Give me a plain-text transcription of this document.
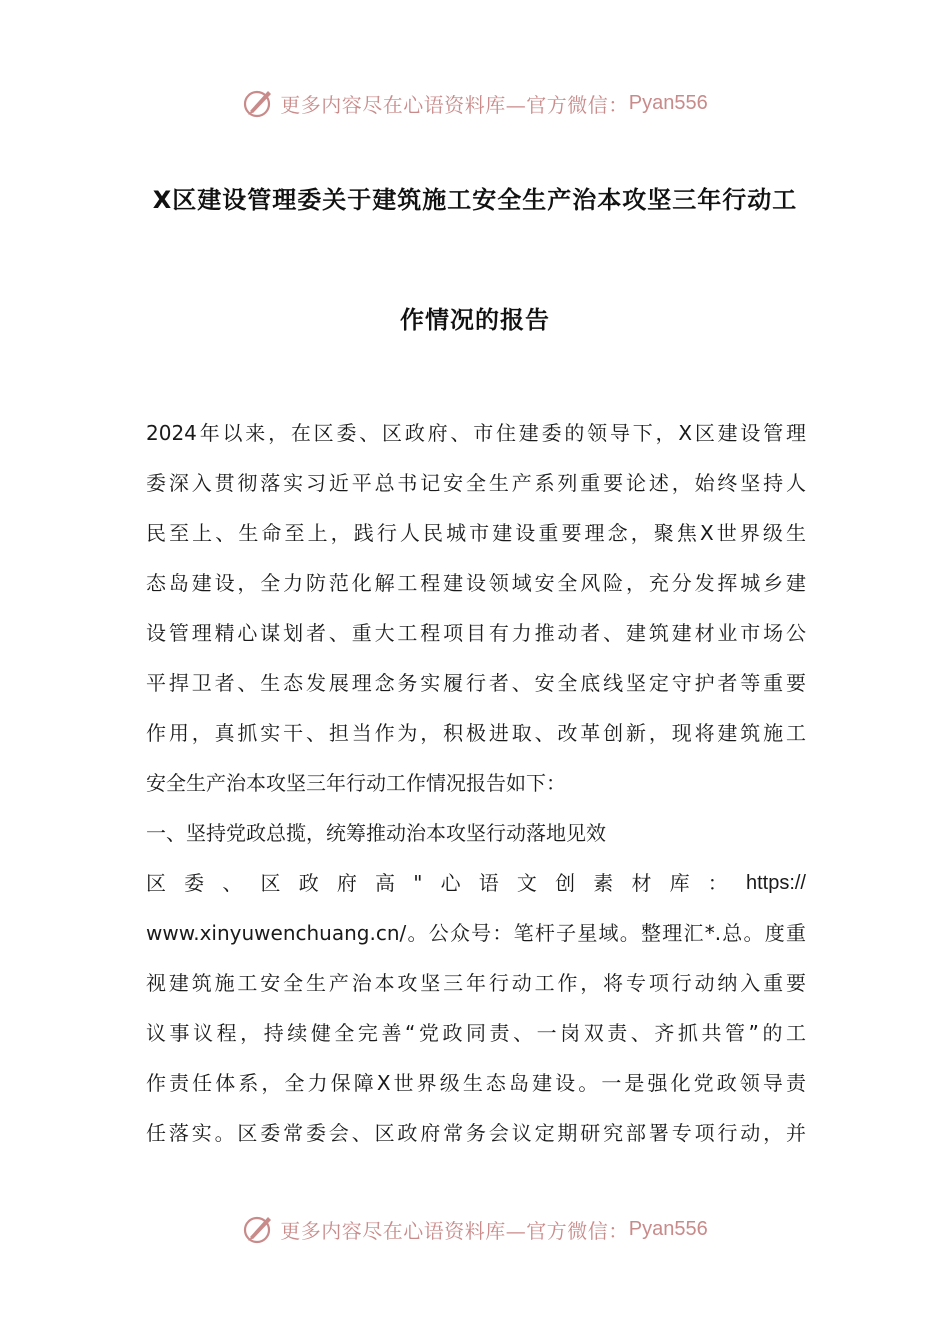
更多内容尽在心语资料库—官方微信： Pyan556
X区建设管理委关于建筑施工安全生产治本攻坚三年行动工
作情况的报告
2024年以来，在区委、区政府、市住建委的领导下，X区建设管理
委深入贯彻落实习近平总书记安全生产系列重要论述，始终坚持人
民至上、生命至上，践行人民城市建设重要理念，聚焦X世界级生
态岛建设，全力防范化解工程建设领域安全风险，充分发挥城乡建
设管理精心谋划者、重大工程项目有力推动者、建筑建材业市场公
平捍卫者、生态发展理念务实履行者、安全底线坚定守护者等重要
作用，真抓实干、担当作为，积极进取、改革创新，现将建筑施工
安全生产治本攻坚三年行动工作情况报告如下：
一、坚持党政总揽，统筹推动治本攻坚行动落地见效
区 委 、 区 政 府 高 " 心 语 文 创 素 材 库 ： https://
www.xinyuwenchuang.cn/。公众号：笔杆子星域。整理汇*.总。度重
视建筑施工安全生产治本攻坚三年行动工作，将专项行动纳入重要
议事议程，持续健全完善“党政同责、一岗双责、齐抓共管”的工
作责任体系，全力保障X世界级生态岛建设。一是强化党政领导责
任落实。区委常委会、区政府常务会议定期研究部署专项行动，并
更多内容尽在心语资料库—官方微信： Pyan556
